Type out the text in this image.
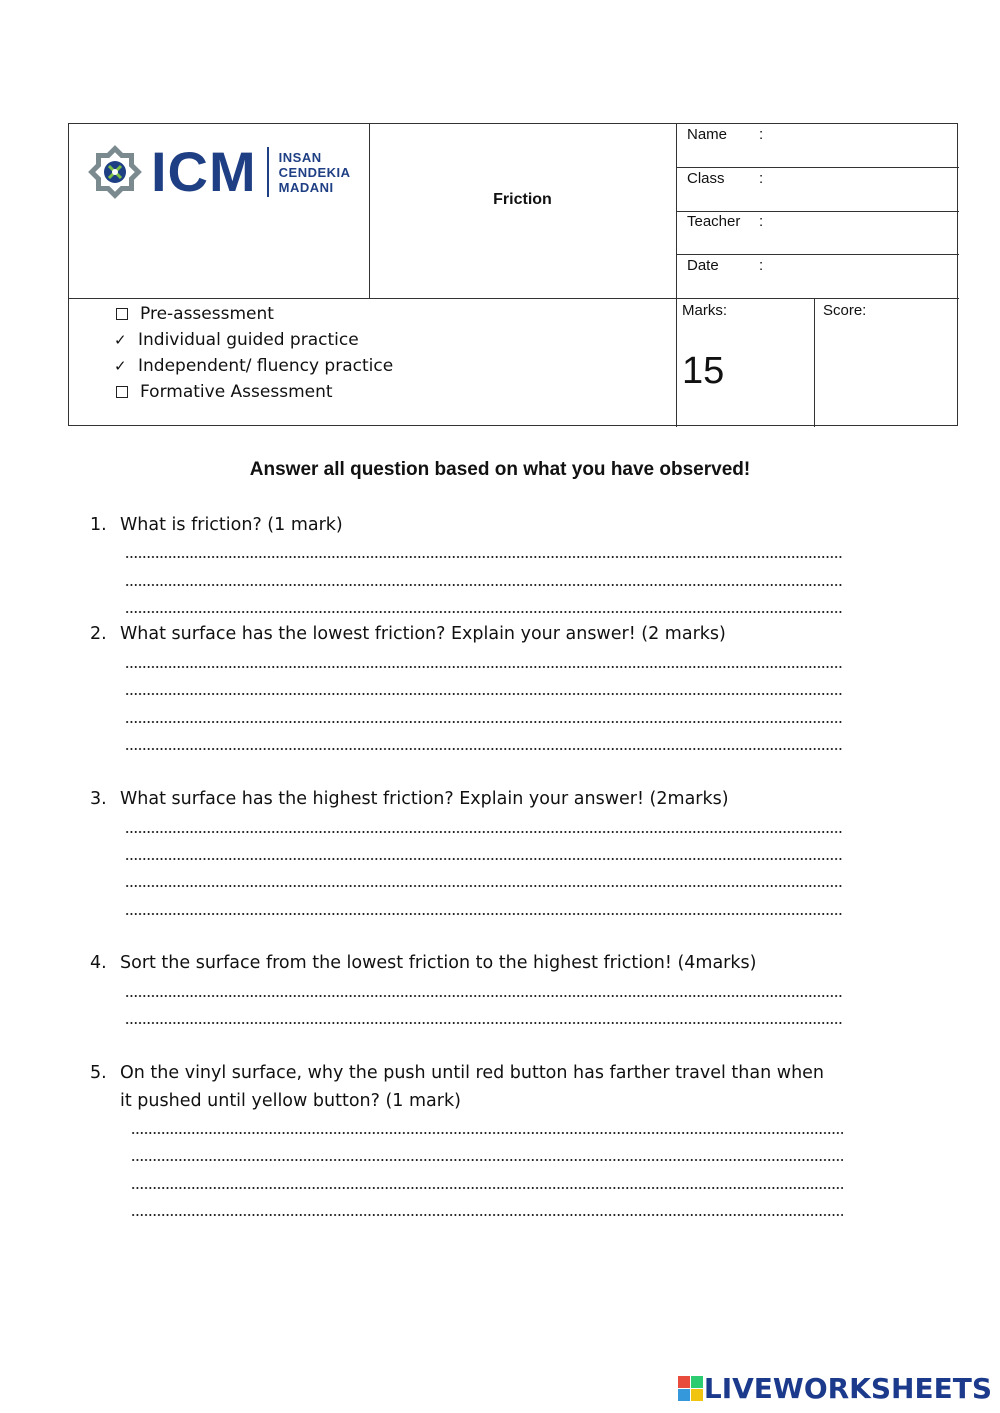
ICM INSAN
CENDEKIA
MADANI
Friction
Name :
Class :
Teacher :
Date	:
Pre-assessment
✓ Individual guided practice
✓ Independent/ fluency practice
Formative Assessment
Marks:
15
Score:
Answer all question based on what you have observed!
1. What is friction? (1 mark)
2. What surface has the lowest friction? Explain your answer! (2 marks)
3. What surface has the highest friction? Explain your answer! (2marks)
4. Sort the surface from the lowest friction to the highest friction! (4marks)
5. On the vinyl surface, why the push until red button has farther travel than when
it pushed until yellow button? (1 mark)
LIVEWORKSHEETS
